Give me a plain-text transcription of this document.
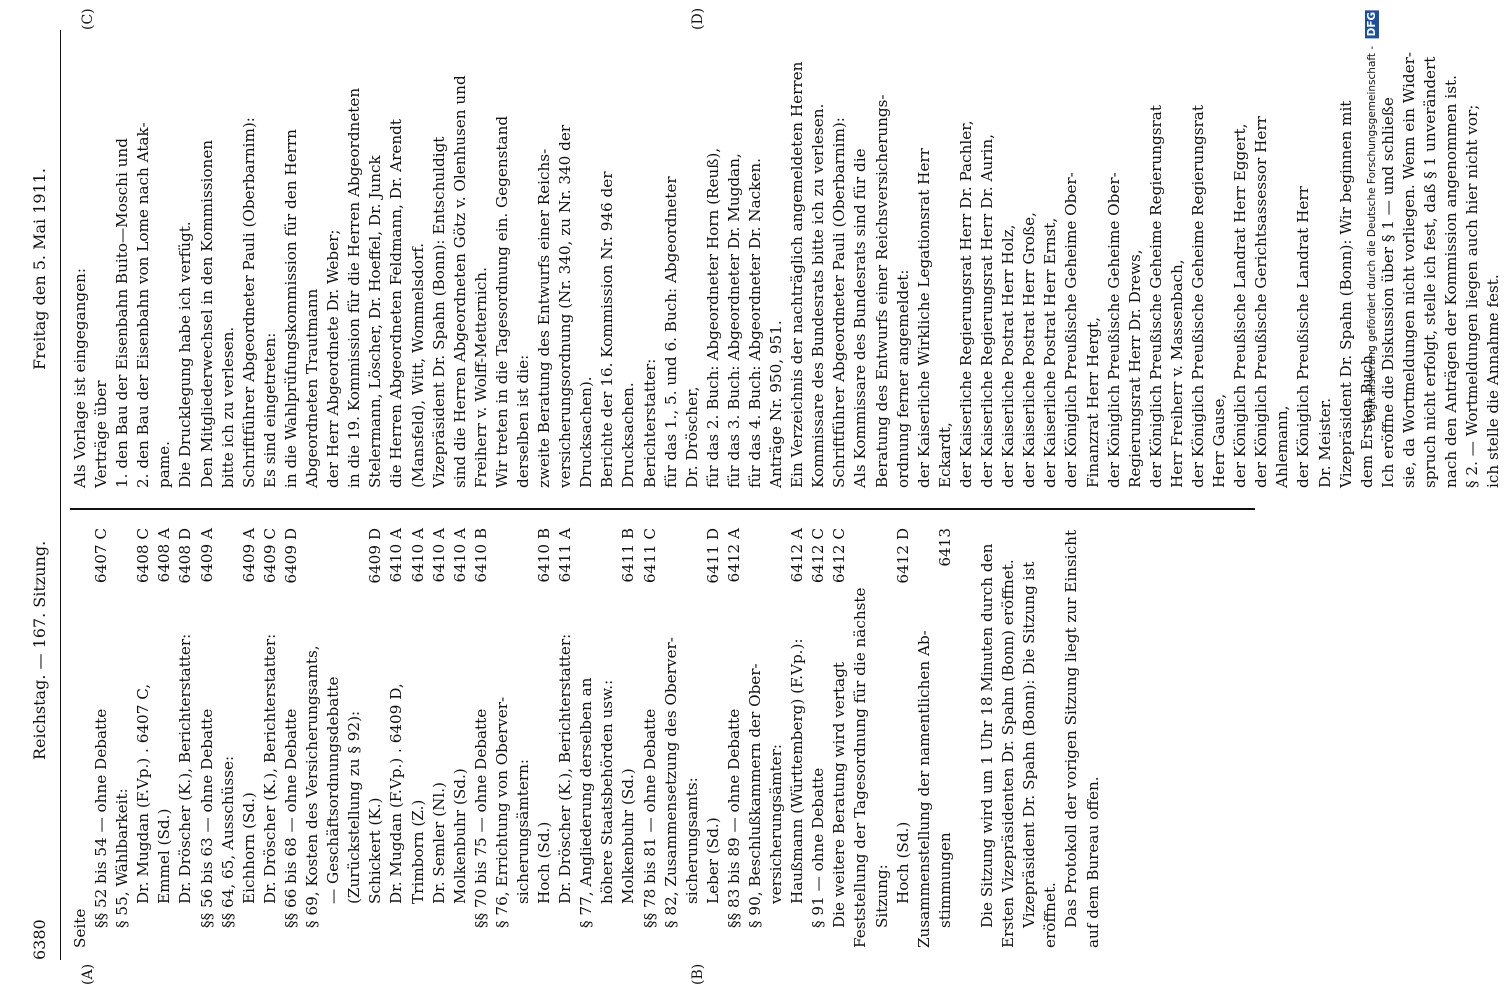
6380
Reichstag. — 167. Sitzung.
Freitag den 5. Mai 1911.
(A)	(B)
(C)	(D)
Seite
§§ 52 bis 54 — ohne Debatte
6407 C
§ 55, Wählbarkeit: Dr. Mugdan (F.Vp.) . 6407 C,
6408 C
Emmel (Sd.)
6408 A
Dr. Dröscher (K.), Berichterstatter:
6408 D
§§ 56 bis 63 — ohne Debatte
6409 A
§§ 64, 65, Ausschüsse: Eichhorn (Sd.)
6409 A
Dr. Dröscher (K.), Berichterstatter:
6409 C
§§ 66 bis 68 — ohne Debatte
6409 D
§ 69, Kosten des Versicherungsamts, — Geschäftsordnungsdebatte (Zurückstellung zu § 92): Schickert (K.)
6409 D
Dr. Mugdan (F.Vp.) . 6409 D,
6410 A
Trimborn (Z.)
6410 A
Dr. Semler (Nl.)
6410 A
Molkenbuhr (Sd.)
6410 A
§§ 70 bis 75 — ohne Debatte
6410 B
§ 76, Errichtung von Oberver- sicherungsämtern: Hoch (Sd.)
6410 B
Dr. Dröscher (K.), Berichterstatter:
6411 A
§ 77, Angliederung derselben an höhere Staatsbehörden usw.: Molkenbuhr (Sd.)
6411 B
§§ 78 bis 81 — ohne Debatte
6411 C
§ 82, Zusammensetzung des Oberver- sicherungsamts: Leber (Sd.)
6411 D
§§ 83 bis 89 — ohne Debatte
6412 A
§ 90, Beschlußkammern der Ober- versicherungsämter: Haußmann (Württemberg) (F.Vp.):
6412 A
§ 91 — ohne Debatte
6412 C
Die weitere Beratung wird vertagt
6412 C
Feststellung der Tagesordnung für die nächste Sitzung: Hoch (Sd.)
6412 D
Zusammenstellung der namentlichen Ab- stimmungen
6413 Die Sitzung wird um 1 Uhr 18 Minuten durch den Ersten Vizepräsidenten Dr. Spahn (Bonn) eröffnet. Vizepräsident Dr. Spahn (Bonn): Die Sitzung ist eröffnet. Das Protokoll der vorigen Sitzung liegt zur Einsicht auf dem Bureau offen.
Als Vorlage ist eingegangen: Verträge über 1. den Bau der Eisenbahn Buito—Moschi und 2. den Bau der Eisenbahn von Lome nach Atak- pame. Die Drucklegung habe ich verfügt. Den Mitgliederwechsel in den Kommissionen bitte ich zu verlesen. Schriftführer Abgeordneter Pauli (Oberbarnim): Es sind eingetreten: in die Wahlprüfungskommission für den Herrn Abgeordneten Trautmann der Herr Abgeordnete Dr. Weber; in die 19. Kommission für die Herren Abgeordneten Stelermann, Löscher, Dr. Hoeffel, Dr. Junck die Herren Abgeordneten Feldmann, Dr. Arendt (Mansfeld), Witt, Wommelsdorf. Vizepräsident Dr. Spahn (Bonn): Entschuldigt sind die Herren Abgeordneten Götz v. Olenhusen und Freiherr v. Wolff-Metternich. Wir treten in die Tagesordnung ein. Gegenstand derselben ist die: zweite Beratung des Entwurfs einer Reichs- versicherungsordnung (Nr. 340, zu Nr. 340 der Drucksachen). Berichte der 16. Kommission Nr. 946 der Drucksachen. Berichterstatter: für das 1., 5. und 6. Buch: Abgeordneter Dr. Dröscher, für das 2. Buch: Abgeordneter Horn (Reuß), für das 3. Buch: Abgeordneter Dr. Mugdan, für das 4. Buch: Abgeordneter Dr. Nacken. Anträge Nr. 950, 951. Ein Verzeichnis der nachträglich angemeldeten Herren Kommissare des Bundesrats bitte ich zu verlesen. Schriftführer Abgeordneter Pauli (Oberbarnim): Als Kommissare des Bundesrats sind für die Beratung des Entwurfs einer Reichsversicherungs- ordnung ferner angemeldet: der Kaiserliche Wirkliche Legationsrat Herr Eckardt, der Kaiserliche Regierungsrat Herr Dr. Pachler, der Kaiserliche Regierungsrat Herr Dr. Aurin, der Kaiserliche Postrat Herr Holz, der Kaiserliche Postrat Herr Große, der Kaiserliche Postrat Herr Ernst, der Königlich Preußische Geheime Ober- Finanzrat Herr Hergt, der Königlich Preußische Geheime Ober- Regierungsrat Herr Dr. Drews, der Königlich Preußische Geheime Regierungsrat Herr Freiherr v. Massenbach, der Königlich Preußische Geheime Regierungsrat Herr Gause, der Königlich Preußische Landrat Herr Eggert, der Königlich Preußische Gerichtsassessor Herr Ahlemann, der Königlich Preußische Landrat Herr Dr. Meister. Vizepräsident Dr. Spahn (Bonn): Wir beginnen mit dem Ersten Buch. Ich eröffne die Diskussion über § 1 — und schließe sie, da Wortmeldungen nicht vorliegen. Wenn ein Wider- spruch nicht erfolgt, stelle ich fest, daß § 1 unverändert nach den Anträgen der Kommission angenommen ist. § 2. — Wortmeldungen liegen auch hier nicht vor; ich stelle die Annahme fest.
Digitalisierung gefördert durch die Deutsche Forschungsgemeinschaft - DFG
